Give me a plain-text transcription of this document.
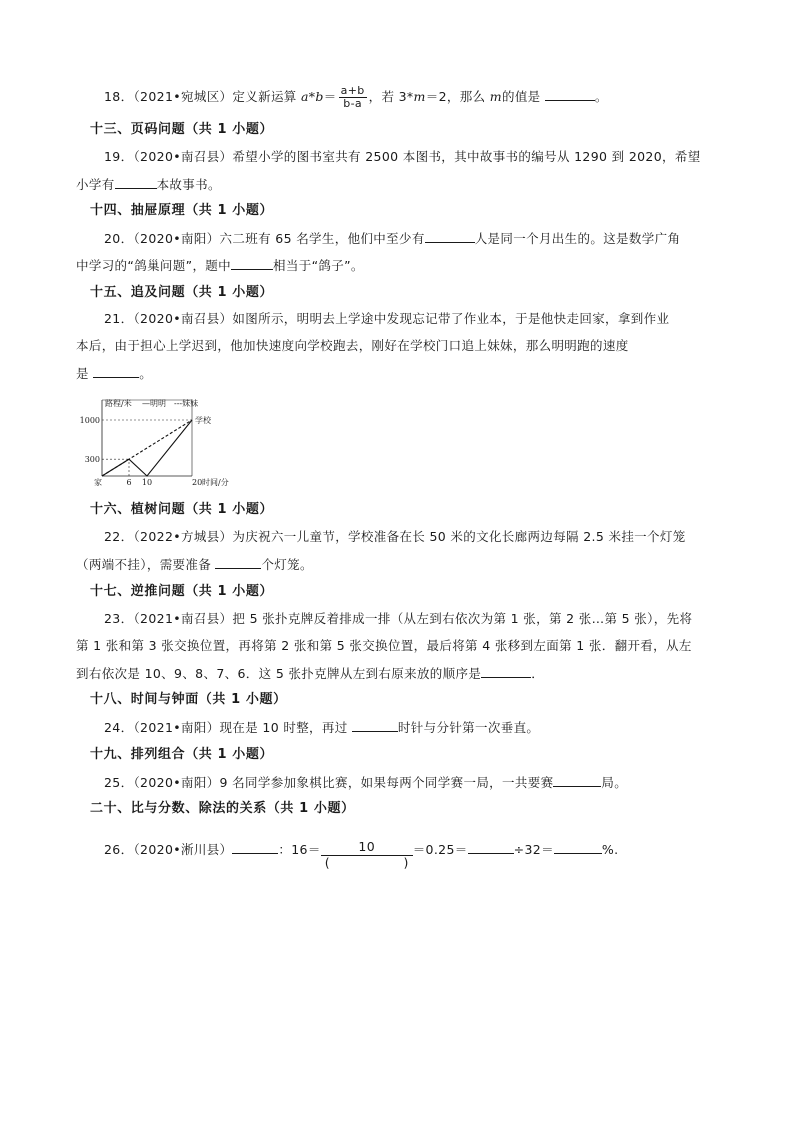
18．（2021•宛城区）定义新运算 $a*b= \frac{a+b}{b-a}$ ，若 3*m＝2，那么 m的值是	。
十三、页码问题（共 1 小题）
19．（2020•南召县）希望小学的图书室共有 2500 本图书，其中故事书的编号从 1290 到 2020，希望
小学有	本故事书。
十四、抽屉原理（共 1 小题）
20．（2020•南阳）六二班有 65 名学生，他们中至少有	人是同一个月出生的。这是数学广角
中学习的“鸽巢问题”，题中	相当于“鸽子”。
十五、追及问题（共 1 小题）
21．（2020•南召县）如图所示，明明去上学途中发现忘记带了作业本，于是他快走回家，拿到作业
本后，由于担心上学迟到，他加快速度向学校跑去，刚好在学校门口追上妹妹，那么明明跑的速度
是	。
路程/米 —明明 ---妹妹
300
1000
6 10	20 时间/分
家
学校
十六、植树问题（共 1 小题）
22．（2022•方城县）为庆祝六一儿童节，学校准备在长 50 米的文化长廊两边每隔 2.5 米挂一个灯笼
（两端不挂），需要准备	个灯笼。
十七、逆推问题（共 1 小题）
23．（2021•南召县）把 5 张扑克牌反着排成一排（从左到右依次为第 1 张，第 2 张…第 5 张），先将
第 1 张和第 3 张交换位置，再将第 2 张和第 5 张交换位置，最后将第 4 张移到左面第 1 张．翻开看，从左
到右依次是 10、9、8、7、6．这 5 张扑克牌从左到右原来放的顺序是	．
十八、时间与钟面（共 1 小题）
24．（2021•南阳）现在是 10 时整，再过	时针与分针第一次垂直。
十九、排列组合（共 1 小题）
25．（2020•南阳）9 名同学参加象棋比赛，如果每两个同学赛一局，一共要赛	局。
二十、比与分数、除法的关系（共 1 小题）
26．（2020•淅川县）	：16＝ 10
(	)
＝0.25＝	÷32＝	%.
